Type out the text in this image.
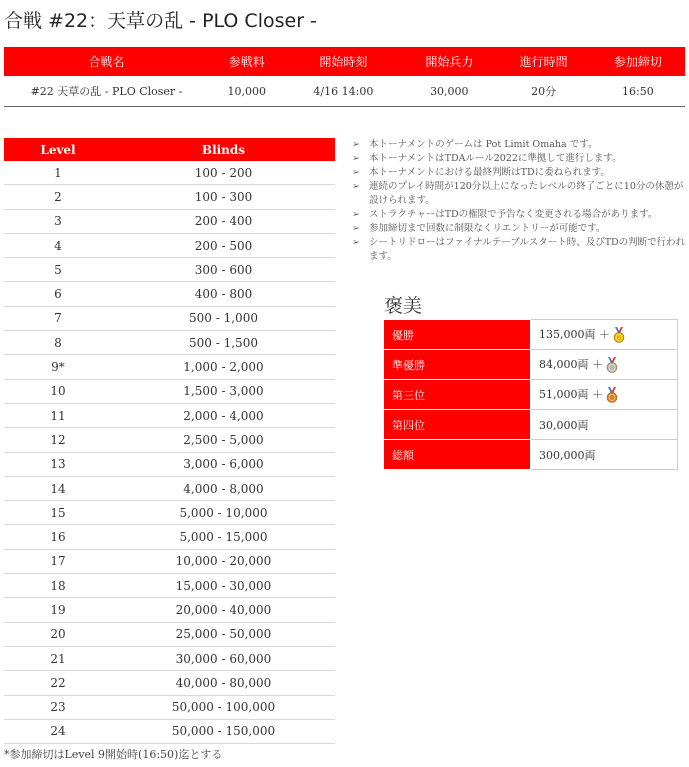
合戦 #22：天草の乱 - PLO Closer -
合戦名	参戦料	開始時刻	開始兵力	進行時間	参加締切
#22 天草の乱 - PLO Closer -	10,000	4/16 14:00	30,000	20分	16:50
Level	Blinds
1	100 - 200
2	100 - 300
3	200 - 400
4	200 - 500
5	300 - 600
6	400 - 800
7	500 - 1,000
8	500 - 1,500
9*	1,000 - 2,000
10	1,500 - 3,000
11	2,000 - 4,000
12	2,500 - 5,000
13	3,000 - 6,000
14	4,000 - 8,000
15	5,000 - 10,000
16	5,000 - 15,000
17	10,000 - 20,000
18	15,000 - 30,000
19	20,000 - 40,000
20	25,000 - 50,000
21	30,000 - 60,000
22	40,000 - 80,000
23	50,000 - 100,000
24	50,000 - 150,000

*参加締切はLevel 9開始時(16:50)迄とする

➢ 本トーナメントのゲームは Pot Limit Omaha です。
➢ 本トーナメントはTDAルール2022に準拠して進行します。
➢ 本トーナメントにおける最終判断はTDに委ねられます。
➢ 連続のプレイ時間が120分以上になったレベルの終了ごとに10分の休憩が設けられます。
➢ ストラクチャーはTDの権限で予告なく変更される場合があります。
➢ 参加締切まで回数に制限なくリエントリーが可能です。
➢ シートリドローはファイナルテーブルスタート時、及びTDの判断で行われます。
褒美
優勝	135,000両 ＋
準優勝	84,000両 ＋
第三位	51,000両 ＋
第四位	30,000両
総額	300,000両
